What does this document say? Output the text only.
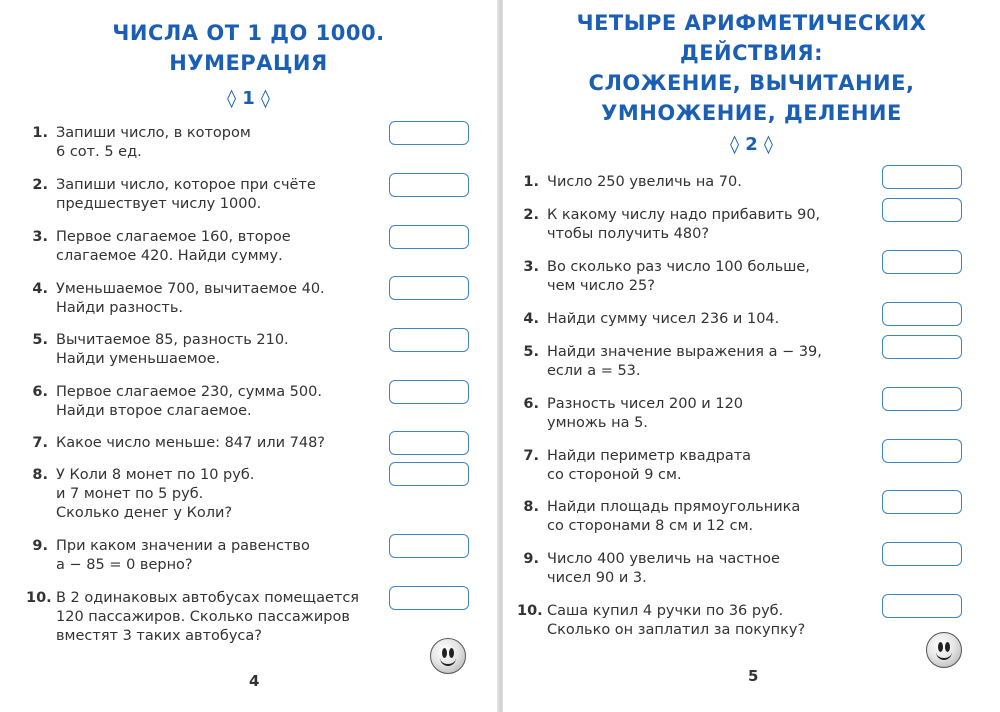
ЧИСЛА ОТ 1 ДО 1000.
НУМЕРАЦИЯ
◊ 1 ◊
1. Запиши число, в котором
6 сот. 5 ед.
2. Запиши число, которое при счёте
предшествует числу 1000.
3. Первое слагаемое 160, второе
слагаемое 420. Найди сумму.
4. Уменьшаемое 700, вычитаемое 40.
Найди разность.
5. Вычитаемое 85, разность 210.
Найди уменьшаемое.
6. Первое слагаемое 230, сумма 500.
Найди второе слагаемое.
7. Какое число меньше: 847 или 748?
8. У Коли 8 монет по 10 руб.
и 7 монет по 5 руб.
Сколько денег у Коли?
9. При каком значении а равенство
а − 85 = 0 верно?
10. В 2 одинаковых автобусах помещается
120 пассажиров. Сколько пассажиров
вместят 3 таких автобуса?
4
ЧЕТЫРЕ АРИФМЕТИЧЕСКИХ
ДЕЙСТВИЯ:
СЛОЖЕНИЕ, ВЫЧИТАНИЕ,
УМНОЖЕНИЕ, ДЕЛЕНИЕ
◊ 2 ◊
1. Число 250 увеличь на 70.
2. К какому числу надо прибавить 90,
чтобы получить 480?
3. Во сколько раз число 100 больше,
чем число 25?
4. Найди сумму чисел 236 и 104.
5. Найди значение выражения а − 39,
если а = 53.
6. Разность чисел 200 и 120
умножь на 5.
7. Найди периметр квадрата
со стороной 9 см.
8. Найди площадь прямоугольника
со сторонами 8 см и 12 см.
9. Число 400 увеличь на частное
чисел 90 и 3.
10. Саша купил 4 ручки по 36 руб.
Сколько он заплатил за покупку?
5
